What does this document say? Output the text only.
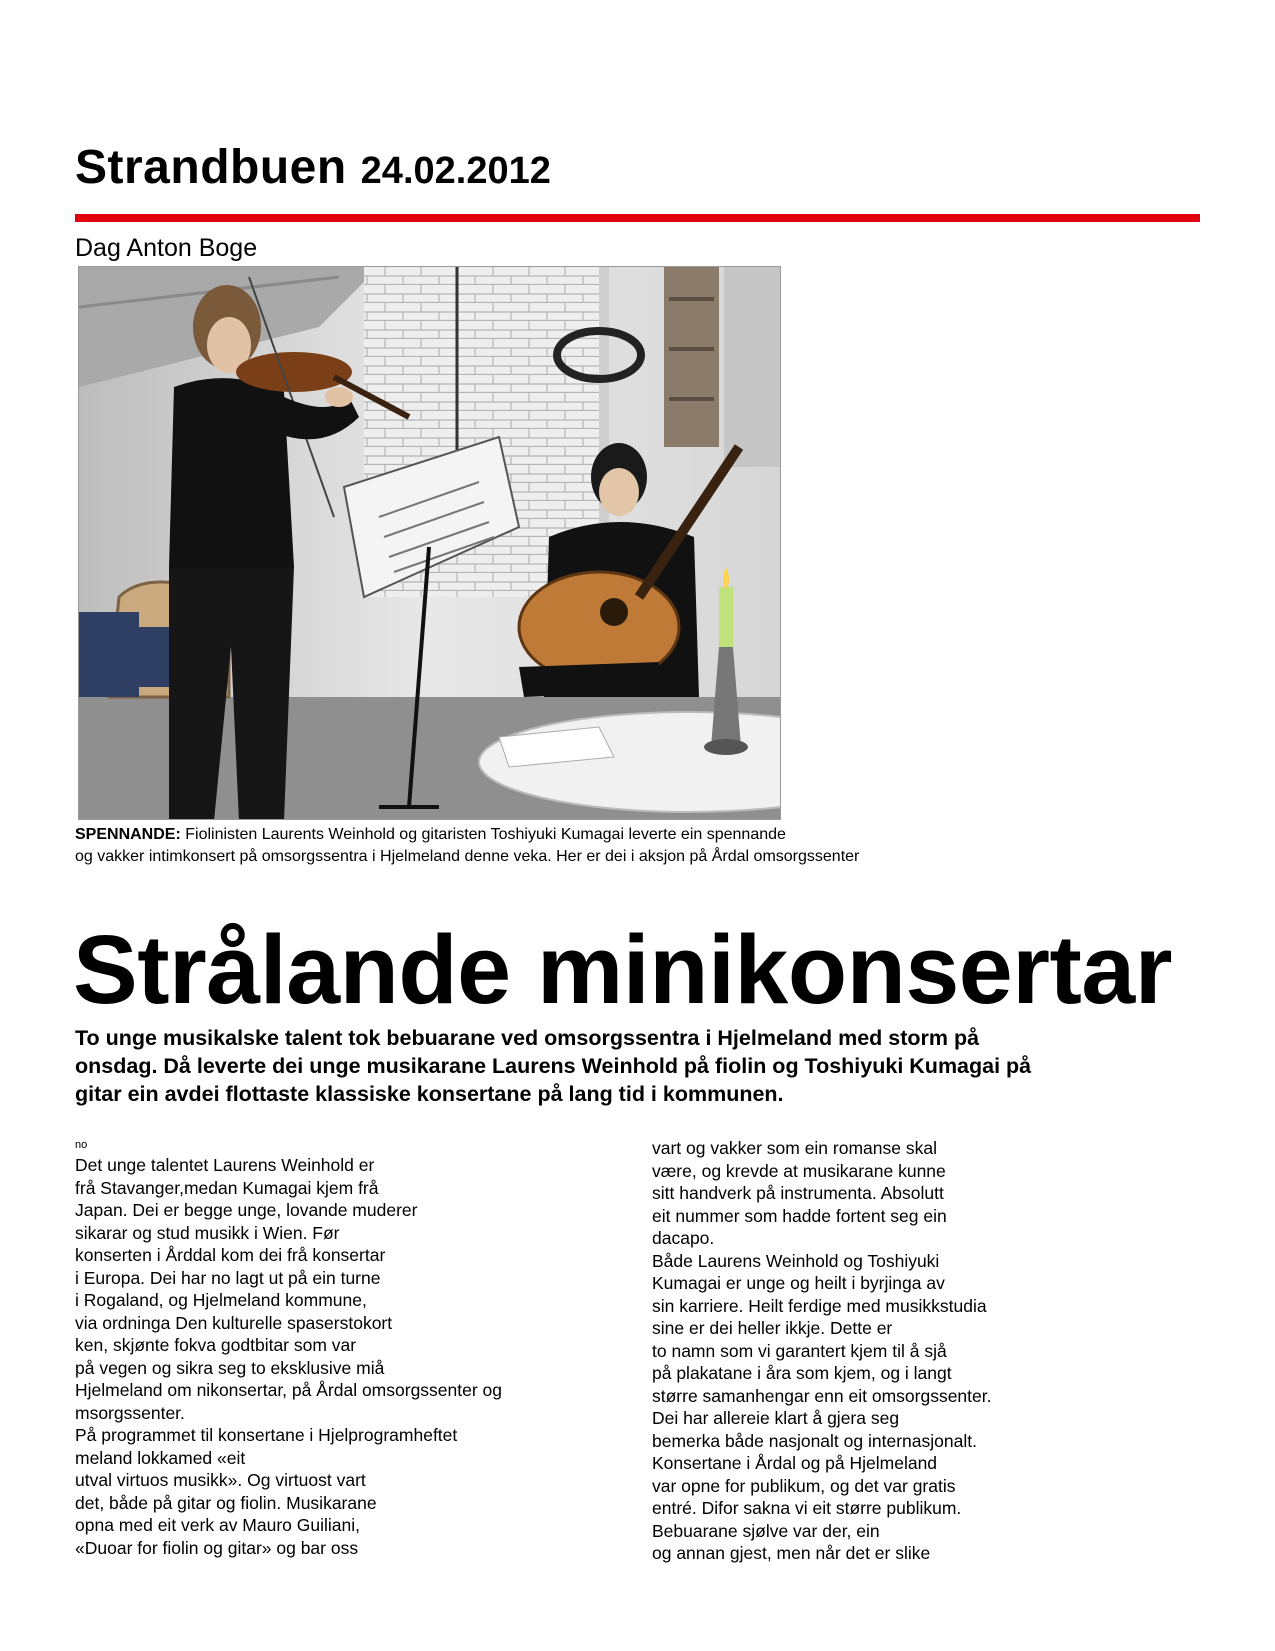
Strandbuen 24.02.2012
Dag Anton Boge
SPENNANDE: Fiolinisten Laurents Weinhold og gitaristen Toshiyuki Kumagai leverte ein spennande
og vakker intimkonsert på omsorgssentra i Hjelmeland denne veka. Her er dei i aksjon på Årdal omsorgssenter
Strålande minikonsertar
To unge musikalske talent tok bebuarane ved omsorgssentra i Hjelmeland med storm på
onsdag. Då leverte dei unge musikarane Laurens Weinhold på fiolin og Toshiyuki Kumagai på
gitar ein avdei flottaste klassiske konsertane på lang tid i kommunen.
no
Det unge talentet Laurens Weinhold er
frå Stavanger,medan Kumagai kjem frå
Japan. Dei er begge unge, lovande muderer
sikarar og stud musikk i Wien. Før
konserten i Årddal kom dei frå konsertar
i Europa. Dei har no lagt ut på ein turne
i Rogaland, og Hjelmeland kommune,
via ordninga Den kulturelle spaserstokort
ken, skjønte fokva godtbitar som var
på vegen og sikra seg to eksklusive miå
Hjelmeland om nikonsertar, på Årdal omsorgssenter og
msorgssenter.
På programmet til konsertane i Hjelprogramheftet
meland lokkamed «eit
utval virtuos musikk». Og virtuost vart
det, både på gitar og fiolin. Musikarane
opna med eit verk av Mauro Guiliani,
«Duoar for fiolin og gitar» og bar oss
vart og vakker som ein romanse skal
være, og krevde at musikarane kunne
sitt handverk på instrumenta. Absolutt
eit nummer som hadde fortent seg ein
dacapo.
Både Laurens Weinhold og Toshiyuki
Kumagai er unge og heilt i byrjinga av
sin karriere. Heilt ferdige med musikkstudia
sine er dei heller ikkje. Dette er
to namn som vi garantert kjem til å sjå
på plakatane i åra som kjem, og i langt
større samanhengar enn eit omsorgssenter.
Dei har allereie klart å gjera seg
bemerka både nasjonalt og internasjonalt.
Konsertane i Årdal og på Hjelmeland
var opne for publikum, og det var gratis
entré. Difor sakna vi eit større publikum.
Bebuarane sjølve var der, ein
og annan gjest, men når det er slike
